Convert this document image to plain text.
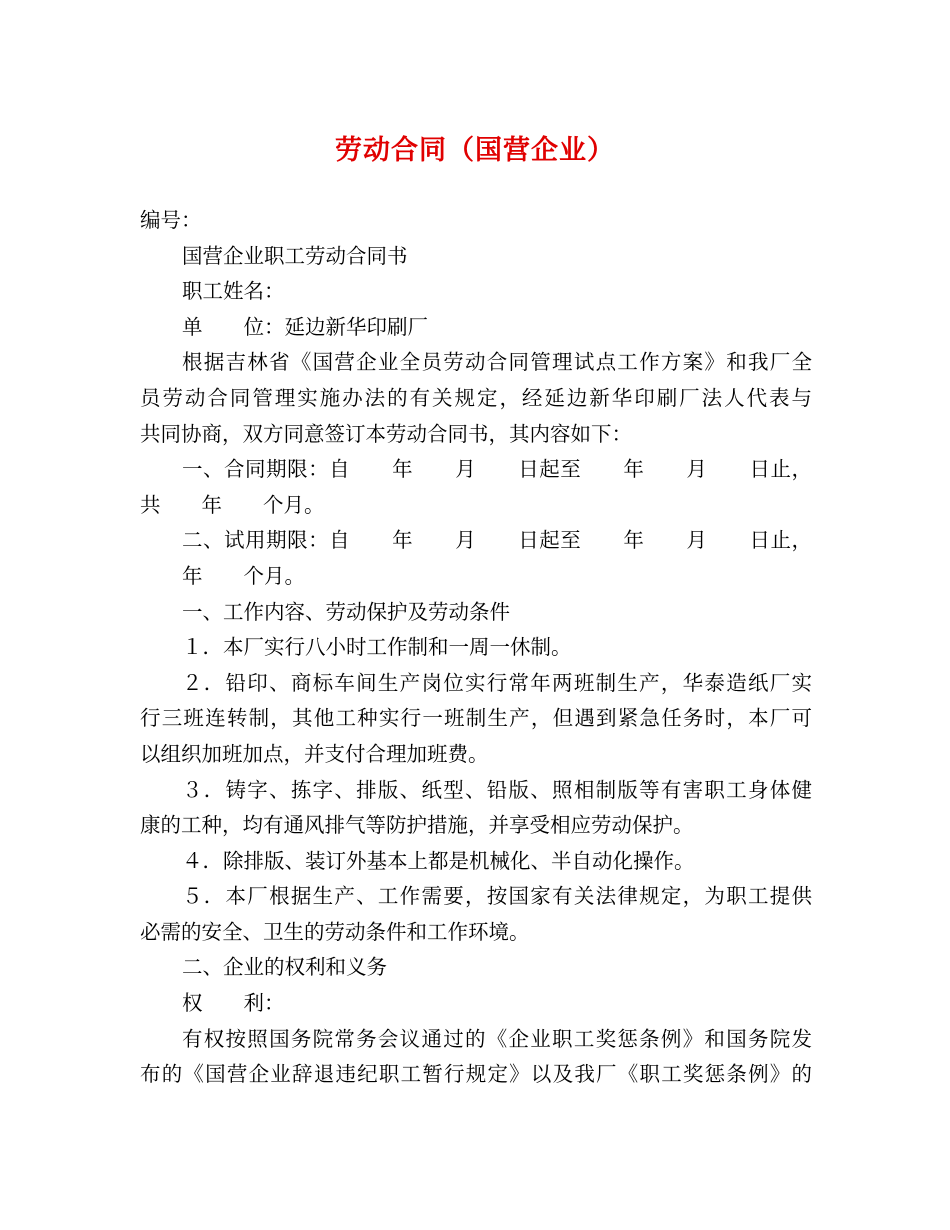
劳动合同（国营企业）
编号：
国营企业职工劳动合同书
职工姓名：
单　　位：延边新华印刷厂
根据吉林省《国营企业全员劳动合同管理试点工作方案》和我厂全
员劳动合同管理实施办法的有关规定，经延边新华印刷厂法人代表与
共同协商，双方同意签订本劳动合同书，其内容如下：
一、合同期限：自　　年　　月　　日起至　　年　　月　　日止，
共　　年　　个月。
二、试用期限：自　　年　　月　　日起至　　年　　月　　日止，
年　　个月。
一、工作内容、劳动保护及劳动条件
１．本厂实行八小时工作制和一周一休制。
２．铅印、商标车间生产岗位实行常年两班制生产，华泰造纸厂实
行三班连转制，其他工种实行一班制生产，但遇到紧急任务时，本厂可
以组织加班加点，并支付合理加班费。
３．铸字、拣字、排版、纸型、铅版、照相制版等有害职工身体健
康的工种，均有通风排气等防护措施，并享受相应劳动保护。
４．除排版、装订外基本上都是机械化、半自动化操作。
５．本厂根据生产、工作需要，按国家有关法律规定，为职工提供
必需的安全、卫生的劳动条件和工作环境。
二、企业的权利和义务
权　　利：
有权按照国务院常务会议通过的《企业职工奖惩条例》和国务院发
布的《国营企业辞退违纪职工暂行规定》以及我厂《职工奖惩条例》的
